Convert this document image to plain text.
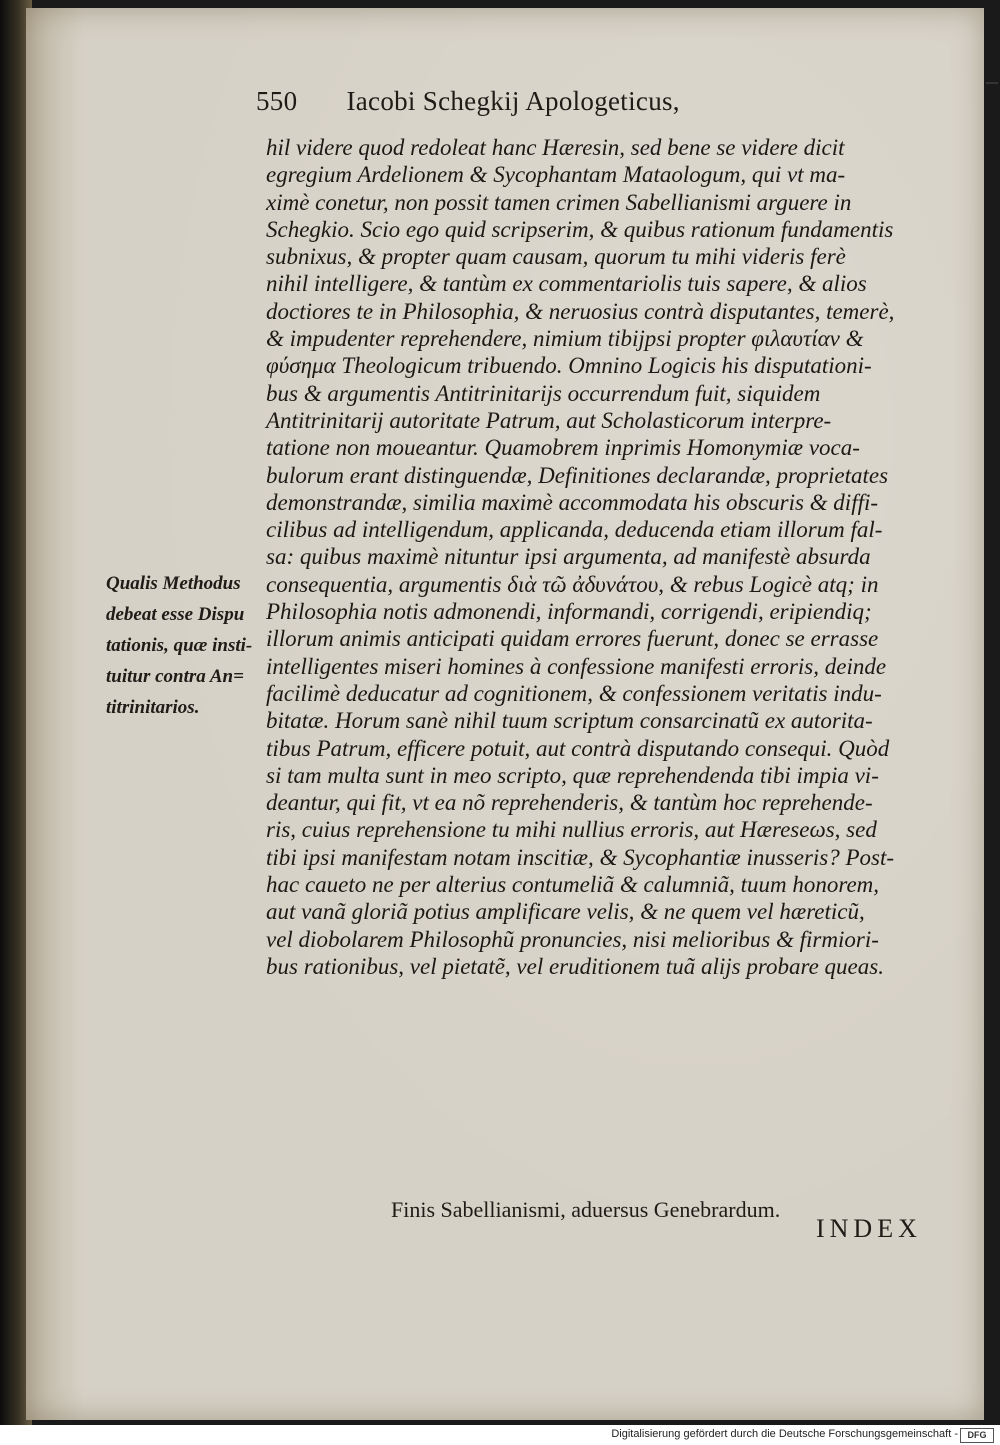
550 Iacobi Schegkij Apologeticus,
Qualis Methodus
debeat esse Dispu
tationis, quæ insti-
tuitur contra An=
titrinitarios.
hil videre quod redoleat hanc Hæresin, sed bene se videre dicit
egregium Ardelionem & Sycophantam Mataologum, qui vt ma-
ximè conetur, non possit tamen crimen Sabellianismi arguere in
Schegkio. Scio ego quid scripserim, & quibus rationum fundamentis
subnixus, & propter quam causam, quorum tu mihi videris ferè
nihil intelligere, & tantùm ex commentariolis tuis sapere, & alios
doctiores te in Philosophia, & neruosius contrà disputantes, temerè,
& impudenter reprehendere, nimium tibijpsi propter φιλαυτίαν &
φύσημα Theologicum tribuendo. Omnino Logicis his disputationi-
bus & argumentis Antitrinitarijs occurrendum fuit, siquidem
Antitrinitarij autoritate Patrum, aut Scholasticorum interpre-
tatione non moueantur. Quamobrem inprimis Homonymiæ voca-
bulorum erant distinguendæ, Definitiones declarandæ, proprietates
demonstrandæ, similia maximè accommodata his obscuris & diffi-
cilibus ad intelligendum, applicanda, deducenda etiam illorum fal-
sa: quibus maximè nituntur ipsi argumenta, ad manifestè absurda
consequentia, argumentis διὰ τῶ ἀδυνάτου, & rebus Logicè atq; in
Philosophia notis admonendi, informandi, corrigendi, eripiendiq;
illorum animis anticipati quidam errores fuerunt, donec se errasse
intelligentes miseri homines à confessione manifesti erroris, deinde
facilimè deducatur ad cognitionem, & confessionem veritatis indu-
bitatæ. Horum sanè nihil tuum scriptum consarcinatũ ex autorita-
tibus Patrum, efficere potuit, aut contrà disputando consequi. Quòd
si tam multa sunt in meo scripto, quæ reprehendenda tibi impia vi-
deantur, qui fit, vt ea nõ reprehenderis, & tantùm hoc reprehende-
ris, cuius reprehensione tu mihi nullius erroris, aut Hæreseωs, sed
tibi ipsi manifestam notam inscitiæ, & Sycophantiæ inusseris? Post-
hac caueto ne per alterius contumeliã & calumniã, tuum honorem,
aut vanã gloriã potius amplificare velis, & ne quem vel hæreticũ,
vel diobolarem Philosophũ pronuncies, nisi melioribus & firmiori-
bus rationibus, vel pietatẽ, vel eruditionem tuã alijs probare queas.
Finis Sabellianismi, aduersus Genebrardum.
INDEX
Digitalisierung gefördert durch die Deutsche Forschungsgemeinschaft -	DFG
